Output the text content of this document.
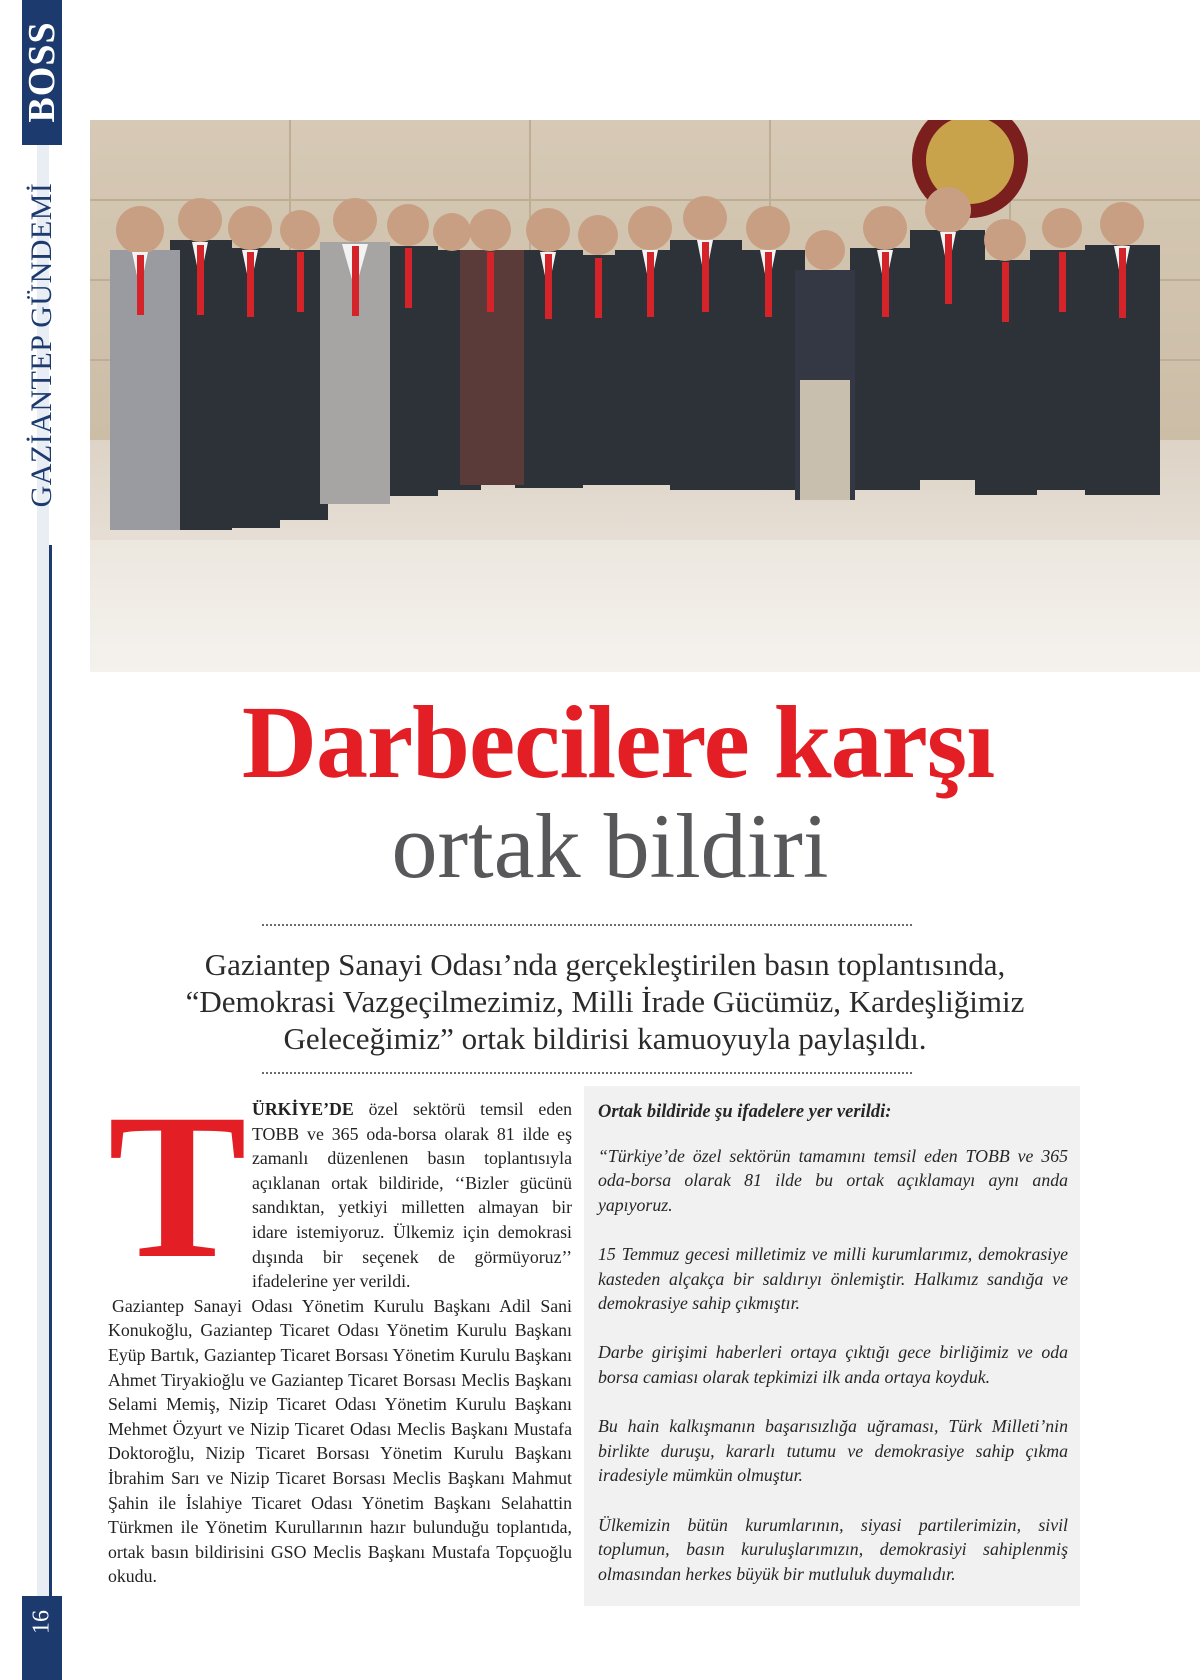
BOSS
GAZİANTEP GÜNDEMİ
16
Darbecilere karşı
ortak bildiri
Gaziantep Sanayi Odası’nda gerçekleştirilen basın toplantısında,
“Demokrasi Vazgeçilmezimiz, Milli İrade Gücümüz, Kardeşliğimiz
Geleceğimiz” ortak bildirisi kamuoyuyla paylaşıldı.
T ÜRKİYE’DE özel sektörü temsil eden TOBB ve 365 oda-borsa olarak 81 ilde eş zamanlı düzenlenen basın toplantısıyla açıklanan ortak bildiride, ‘‘Bizler gücünü sandıktan, yetkiyi milletten almayan bir idare istemiyoruz. Ülkemiz için demokrasi dışında bir seçenek de görmüyoruz’’ ifadelerine yer verildi.
Gaziantep Sanayi Odası Yönetim Kurulu Başkanı Adil Sani Konukoğlu, Gaziantep Ticaret Odası Yönetim Kurulu Başkanı Eyüp Bartık, Gaziantep Ticaret Borsası Yönetim Kurulu Başkanı Ahmet Tiryakioğlu ve Gaziantep Ticaret Borsası Meclis Başkanı Selami Memiş, Nizip Ticaret Odası Yönetim Kurulu Başkanı Mehmet Özyurt ve Nizip Ticaret Odası Meclis Başkanı Mustafa Doktoroğlu, Nizip Ticaret Borsası Yönetim Kurulu Başkanı İbrahim Sarı ve Nizip Ticaret Borsası Meclis Başkanı Mahmut Şahin ile İslahiye Ticaret Odası Yönetim Başkanı Selahattin Türkmen ile Yönetim Kurullarının hazır bulunduğu toplantıda, ortak basın bildirisini GSO Meclis Başkanı Mustafa Topçuoğlu okudu.
Ortak bildiride şu ifadelere yer verildi:

“Türkiye’de özel sektörün tamamını temsil eden TOBB ve 365 oda-borsa olarak 81 ilde bu ortak açıklamayı aynı anda yapıyoruz.

15 Temmuz gecesi milletimiz ve milli kurumlarımız, demokrasiye kasteden alçakça bir saldırıyı önlemiştir. Halkımız sandığa ve demokrasiye sahip çıkmıştır.

Darbe girişimi haberleri ortaya çıktığı gece birliğimiz ve oda borsa camiası olarak tepkimizi ilk anda ortaya koyduk.

Bu hain kalkışmanın başarısızlığa uğraması, Türk Milleti’nin birlikte duruşu, kararlı tutumu ve demokrasiye sahip çıkma iradesiyle mümkün olmuştur.

Ülkemizin bütün kurumlarının, siyasi partilerimizin, sivil toplumun, basın kuruluşlarımızın, demokrasiyi sahiplenmiş olmasından herkes büyük bir mutluluk duymalıdır.
